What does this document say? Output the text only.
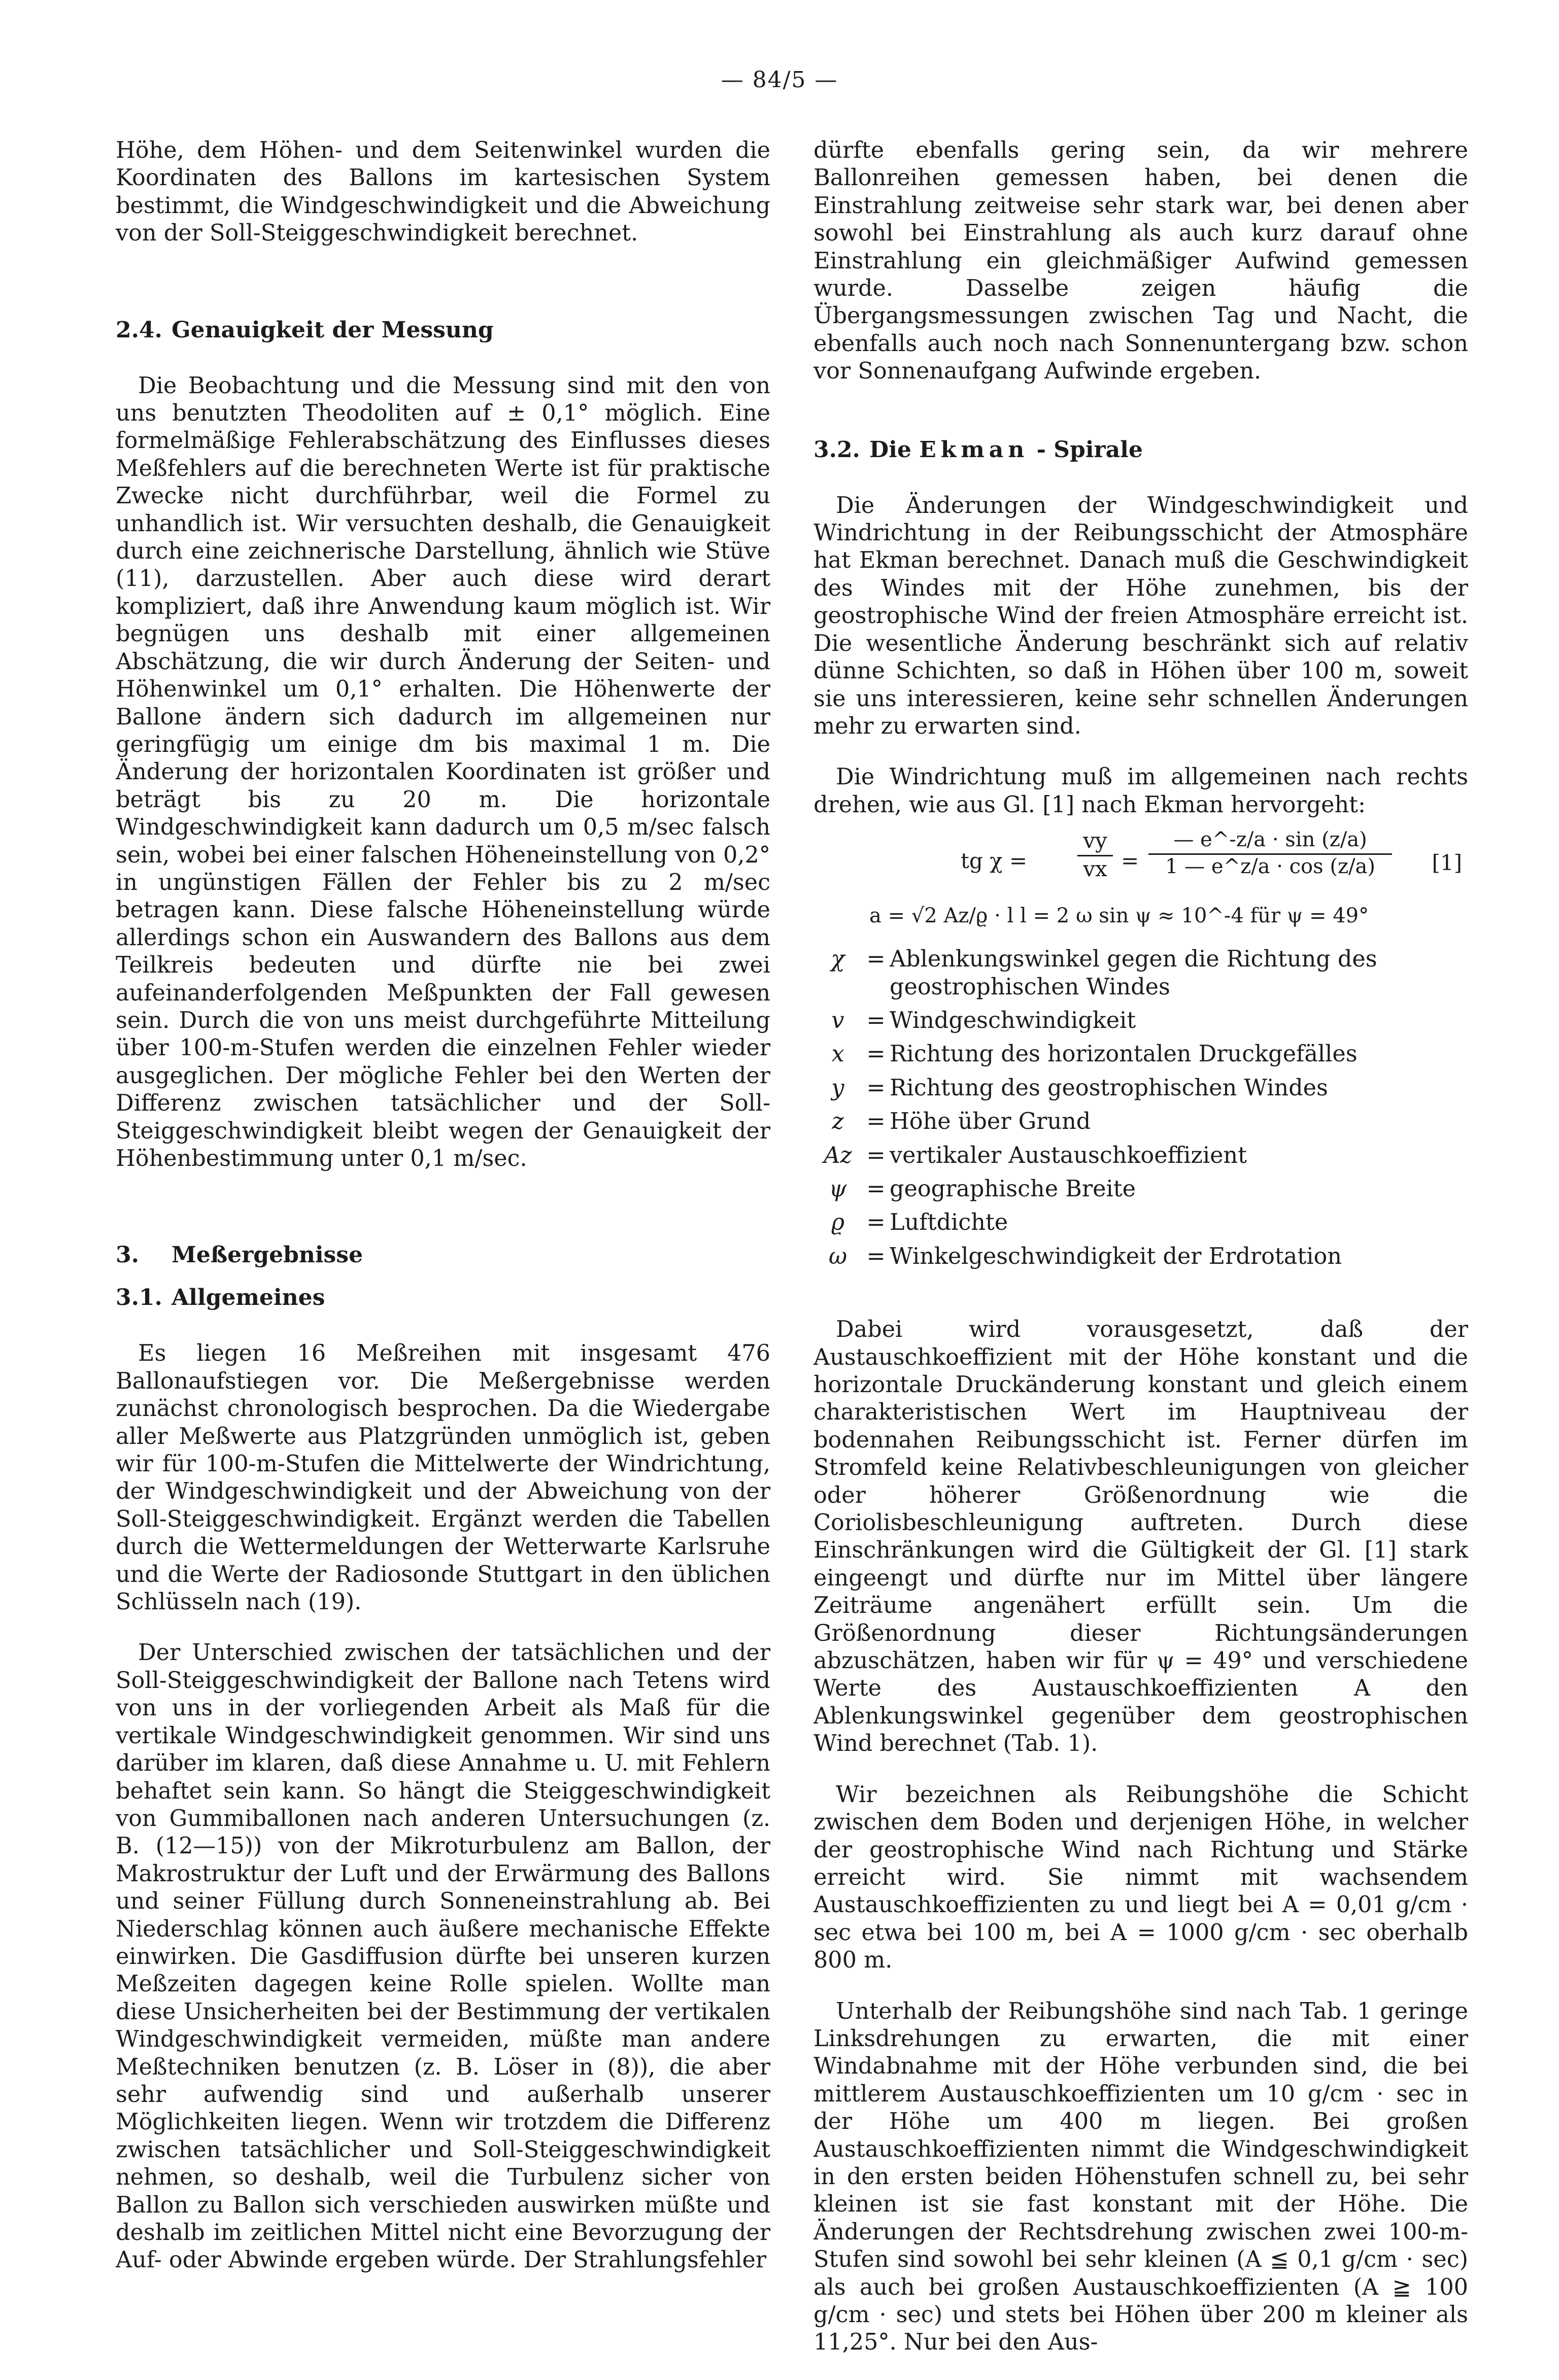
— 84/5 —

Höhe, dem Höhen- und dem Seitenwinkel wurden die Koordinaten des Ballons im kartesischen System bestimmt, die Windgeschwindigkeit und die Abweichung von der Soll-Steiggeschwindigkeit berechnet.

2.4. Genauigkeit der Messung

Die Beobachtung und die Messung sind mit den von uns benutzten Theodoliten auf ± 0,1° möglich. Eine formelmäßige Fehlerabschätzung des Einflusses dieses Meßfehlers auf die berechneten Werte ist für praktische Zwecke nicht durchführbar, weil die Formel zu unhandlich ist. Wir versuchten deshalb, die Genauigkeit durch eine zeichnerische Darstellung, ähnlich wie Stüve (11), darzustellen. Aber auch diese wird derart kompliziert, daß ihre Anwendung kaum möglich ist. Wir begnügen uns deshalb mit einer allgemeinen Abschätzung, die wir durch Änderung der Seiten- und Höhenwinkel um 0,1° erhalten. Die Höhenwerte der Ballone ändern sich dadurch im allgemeinen nur geringfügig um einige dm bis maximal 1 m. Die Änderung der horizontalen Koordinaten ist größer und beträgt bis zu 20 m. Die horizontale Windgeschwindigkeit kann dadurch um 0,5 m/sec falsch sein, wobei bei einer falschen Höheneinstellung von 0,2° in ungünstigen Fällen der Fehler bis zu 2 m/sec betragen kann. Diese falsche Höheneinstellung würde allerdings schon ein Auswandern des Ballons aus dem Teilkreis bedeuten und dürfte nie bei zwei aufeinanderfolgenden Meßpunkten der Fall gewesen sein. Durch die von uns meist durchgeführte Mitteilung über 100-m-Stufen werden die einzelnen Fehler wieder ausgeglichen. Der mögliche Fehler bei den Werten der Differenz zwischen tatsächlicher und der Soll-Steiggeschwindigkeit bleibt wegen der Genauigkeit der Höhenbestimmung unter 0,1 m/sec.

3. Meßergebnisse
3.1. Allgemeines

Es liegen 16 Meßreihen mit insgesamt 476 Ballonaufstiegen vor. Die Meßergebnisse werden zunächst chronologisch besprochen. Da die Wiedergabe aller Meßwerte aus Platzgründen unmöglich ist, geben wir für 100-m-Stufen die Mittelwerte der Windrichtung, der Windgeschwindigkeit und der Abweichung von der Soll-Steiggeschwindigkeit. Ergänzt werden die Tabellen durch die Wettermeldungen der Wetterwarte Karlsruhe und die Werte der Radiosonde Stuttgart in den üblichen Schlüsseln nach (19).

Der Unterschied zwischen der tatsächlichen und der Soll-Steiggeschwindigkeit der Ballone nach Tetens wird von uns in der vorliegenden Arbeit als Maß für die vertikale Windgeschwindigkeit genommen. Wir sind uns darüber im klaren, daß diese Annahme u. U. mit Fehlern behaftet sein kann. So hängt die Steiggeschwindigkeit von Gummiballonen nach anderen Untersuchungen (z. B. (12—15)) von der Mikroturbulenz am Ballon, der Makrostruktur der Luft und der Erwärmung des Ballons und seiner Füllung durch Sonneneinstrahlung ab. Bei Niederschlag können auch äußere mechanische Effekte einwirken. Die Gasdiffusion dürfte bei unseren kurzen Meßzeiten dagegen keine Rolle spielen. Wollte man diese Unsicherheiten bei der Bestimmung der vertikalen Windgeschwindigkeit vermeiden, müßte man andere Meßtechniken benutzen (z. B. Löser in (8)), die aber sehr aufwendig sind und außerhalb unserer Möglichkeiten liegen. Wenn wir trotzdem die Differenz zwischen tatsächlicher und Soll-Steiggeschwindigkeit nehmen, so deshalb, weil die Turbulenz sicher von Ballon zu Ballon sich verschieden auswirken müßte und deshalb im zeitlichen Mittel nicht eine Bevorzugung der Auf- oder Abwinde ergeben würde. Der Strahlungsfehler

dürfte ebenfalls gering sein, da wir mehrere Ballonreihen gemessen haben, bei denen die Einstrahlung zeitweise sehr stark war, bei denen aber sowohl bei Einstrahlung als auch kurz darauf ohne Einstrahlung ein gleichmäßiger Aufwind gemessen wurde. Dasselbe zeigen häufig die Übergangsmessungen zwischen Tag und Nacht, die ebenfalls auch noch nach Sonnenuntergang bzw. schon vor Sonnenaufgang Aufwinde ergeben.

3.2. Die Ekman - Spirale

Die Änderungen der Windgeschwindigkeit und Windrichtung in der Reibungsschicht der Atmosphäre hat Ekman berechnet. Danach muß die Geschwindigkeit des Windes mit der Höhe zunehmen, bis der geostrophische Wind der freien Atmosphäre erreicht ist. Die wesentliche Änderung beschränkt sich auf relativ dünne Schichten, so daß in Höhen über 100 m, soweit sie uns interessieren, keine sehr schnellen Änderungen mehr zu erwarten sind.

Die Windrichtung muß im allgemeinen nach rechts drehen, wie aus Gl. [1] nach Ekman hervorgeht:

tg $\chi = \frac{vy}{vx} = \frac{— e\^{}-z/a \cdot \sin (z/a)}{1 — e\^{}z/a \cdot \cos (z/a)} [1]$
a = √2 Az/ϱ · l l = 2 ω sin ψ ≈ 10^-4 für ψ = 49°
χ = Ablenkungswinkel gegen die Richtung des geostrophischen Windes
v = Windgeschwindigkeit
x = Richtung des horizontalen Druckgefälles
y = Richtung des geostrophischen Windes
z	= Höhe über Grund
Az = vertikaler Austauschkoeffizient
ψ = geographische Breite
ϱ = Luftdichte
ω = Winkelgeschwindigkeit der Erdrotation

Dabei wird vorausgesetzt, daß der Austauschkoeffizient mit der Höhe konstant und die horizontale Druckänderung konstant und gleich einem charakteristischen Wert im Hauptniveau der bodennahen Reibungsschicht ist. Ferner dürfen im Stromfeld keine Relativbeschleunigungen von gleicher oder höherer Größenordnung wie die Coriolisbeschleunigung auftreten. Durch diese Einschränkungen wird die Gültigkeit der Gl. [1] stark eingeengt und dürfte nur im Mittel über längere Zeiträume angenähert erfüllt sein. Um die Größenordnung dieser Richtungsänderungen abzuschätzen, haben wir für ψ = 49° und verschiedene Werte des Austauschkoeffizienten A den Ablenkungswinkel gegenüber dem geostrophischen Wind berechnet (Tab. 1).

Wir bezeichnen als Reibungshöhe die Schicht zwischen dem Boden und derjenigen Höhe, in welcher der geostrophische Wind nach Richtung und Stärke erreicht wird. Sie nimmt mit wachsendem Austauschkoeffizienten zu und liegt bei A = 0,01 g/cm · sec etwa bei 100 m, bei A = 1000 g/cm · sec oberhalb 800 m.

Unterhalb der Reibungshöhe sind nach Tab. 1 geringe Linksdrehungen zu erwarten, die mit einer Windabnahme mit der Höhe verbunden sind, die bei mittlerem Austauschkoeffizienten um 10 g/cm · sec in der Höhe um 400 m liegen. Bei großen Austauschkoeffizienten nimmt die Windgeschwindigkeit in den ersten beiden Höhenstufen schnell zu, bei sehr kleinen ist sie fast konstant mit der Höhe. Die Änderungen der Rechtsdrehung zwischen zwei 100-m-Stufen sind sowohl bei sehr kleinen (A ≦ 0,1 g/cm · sec) als auch bei großen Austauschkoeffizienten (A ≧ 100 g/cm · sec) und stets bei Höhen über 200 m kleiner als 11,25°. Nur bei den Aus-
